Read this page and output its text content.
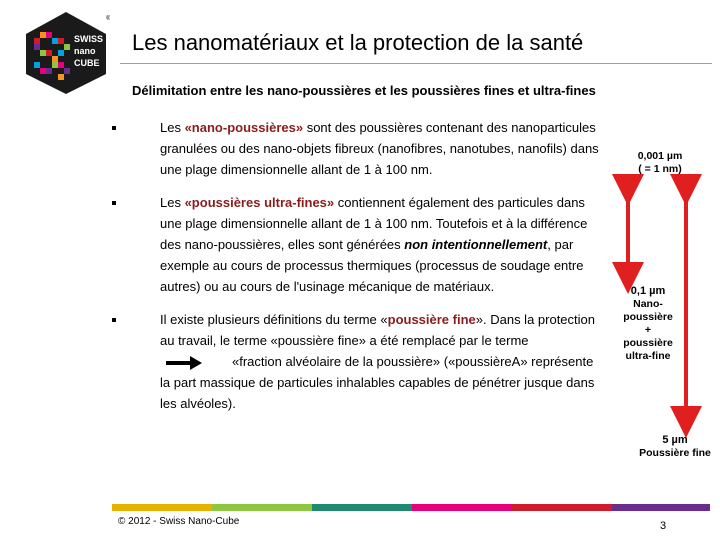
SWISS
nano
CUBE
®
Les nanomatériaux et la protection de la santé
Délimitation entre les nano-poussières et les poussières fines et ultra-fines
Les «nano-poussières» sont des poussières contenant des nanoparticules granulées ou des nano-objets fibreux (nanofibres, nanotubes, nanofils) dans une plage dimensionnelle allant de 1 à 100 nm.
Les «poussières ultra-fines» contiennent également des particules dans une plage dimensionnelle allant de 1 à 100 nm. Toutefois et à la différence des nano-poussières, elles sont générées non intentionnellement, par exemple au cours de processus thermiques (processus de soudage entre autres) ou au cours de l'usinage mécanique de matériaux.
Il existe plusieurs définitions du terme «poussière fine». Dans la protection au travail, le terme «poussière fine» a été remplacé par le terme «fraction alvéolaire de la poussière» («poussièreA» représente la part massique de particules inhalables capables de pénétrer jusque dans les alvéoles).
0,001 µm
( = 1 nm)
0,1 µm
Nano-
poussière
+
poussière
ultra-fine
5 µm
Poussière fine
© 2012 - Swiss Nano-Cube	3
